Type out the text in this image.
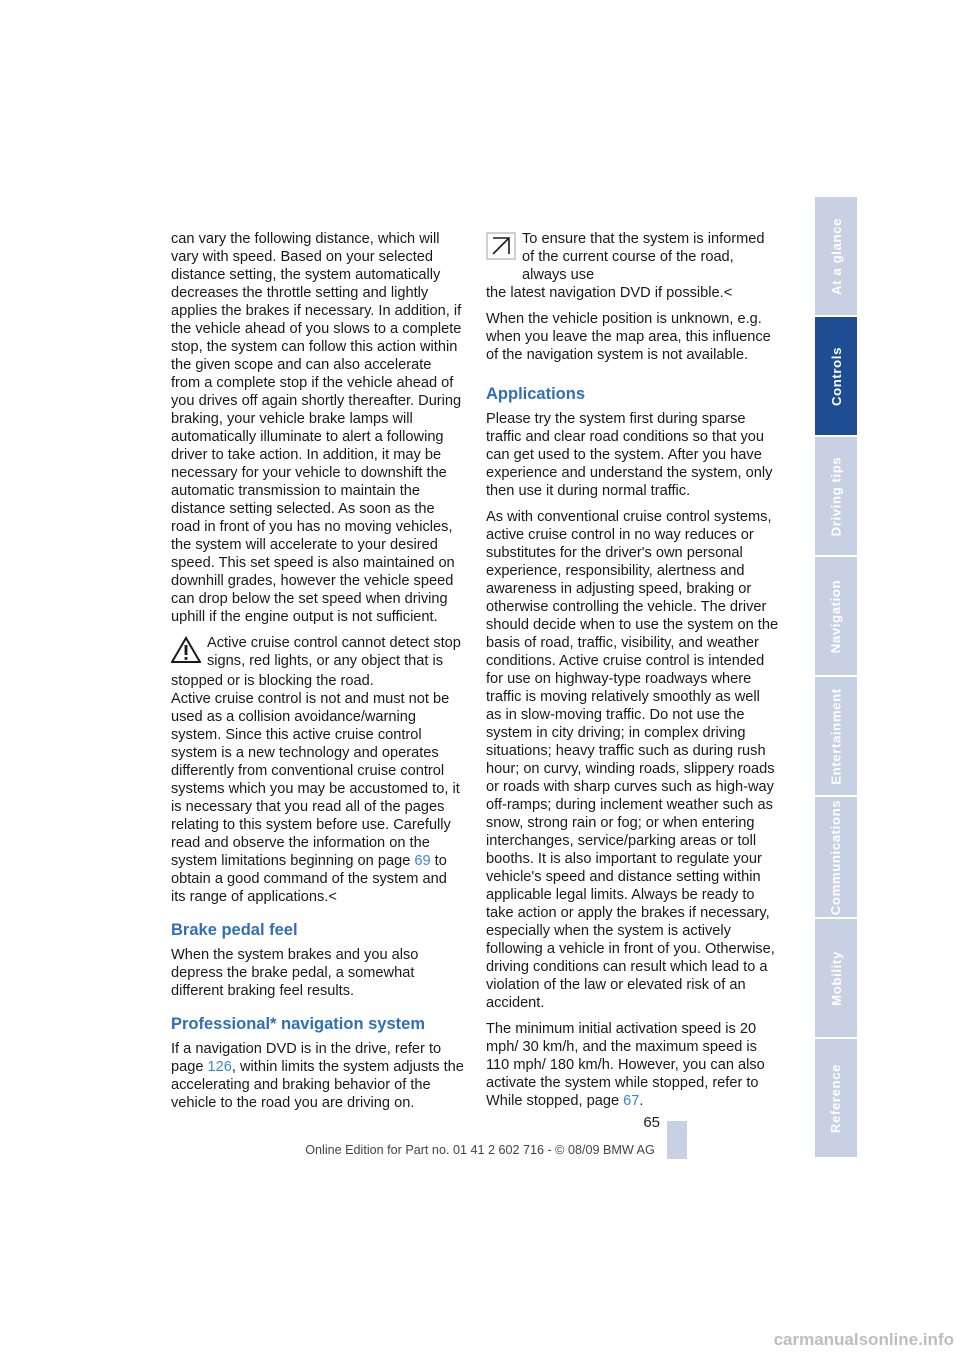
can vary the following distance, which will vary with speed. Based on your selected distance setting, the system automatically decreases the throttle setting and lightly applies the brakes if necessary. In addition, if the vehicle ahead of you slows to a complete stop, the system can follow this action within the given scope and can also accelerate from a complete stop if the vehicle ahead of you drives off again shortly thereafter. During braking, your vehicle brake lamps will automatically illuminate to alert a following driver to take action. In addition, it may be necessary for your vehicle to downshift the automatic transmission to maintain the distance setting selected. As soon as the road in front of you has no moving vehicles, the system will accelerate to your desired speed. This set speed is also maintained on downhill grades, however the vehicle speed can drop below the set speed when driving uphill if the engine output is not sufficient.

Active cruise control cannot detect stop signs, red lights, or any object that is
stopped or is blocking the road.
Active cruise control is not and must not be used as a collision avoidance/warning system. Since this active cruise control system is a new technology and operates differently from conventional cruise control systems which you may be accustomed to, it is necessary that you read all of the pages relating to this system before use. Carefully read and observe the information on the system limitations beginning on page 69 to obtain a good command of the system and its range of applications.<
Brake pedal feel

When the system brakes and you also depress the brake pedal, a somewhat different braking feel results.

Professional* navigation system

If a navigation DVD is in the drive, refer to page 126, within limits the system adjusts the accelerating and braking behavior of the vehicle to the road you are driving on.

To ensure that the system is informed of the current course of the road, always use
the latest navigation DVD if possible.<

When the vehicle position is unknown, e.g. when you leave the map area, this influence of the navigation system is not available.

Applications

Please try the system first during sparse traffic and clear road conditions so that you can get used to the system. After you have experience and understand the system, only then use it during normal traffic.

As with conventional cruise control systems, active cruise control in no way reduces or substitutes for the driver's own personal experience, responsibility, alertness and awareness in adjusting speed, braking or otherwise controlling the vehicle. The driver should decide when to use the system on the basis of road, traffic, visibility, and weather conditions. Active cruise control is intended for use on highway-type roadways where traffic is moving relatively smoothly as well as in slow-moving traffic. Do not use the system in city driving; in complex driving situations; heavy traffic such as during rush hour; on curvy, winding roads, slippery roads or roads with sharp curves such as high-way off-ramps; during inclement weather such as snow, strong rain or fog; or when entering interchanges, service/parking areas or toll booths. It is also important to regulate your vehicle's speed and distance setting within applicable legal limits. Always be ready to take action or apply the brakes if necessary, especially when the system is actively following a vehicle in front of you. Otherwise, driving conditions can result which lead to a violation of the law or elevated risk of an accident.

The minimum initial activation speed is 20 mph/ 30 km/h, and the maximum speed is 110 mph/ 180 km/h. However, you can also activate the system while stopped, refer to While stopped, page 67.

At a glance
Controls
Driving tips
Navigation
Entertainment
Communications
Mobility
Reference
65
Online Edition for Part no. 01 41 2 602 716 - © 08/09 BMW AG
carmanualsonline.info
